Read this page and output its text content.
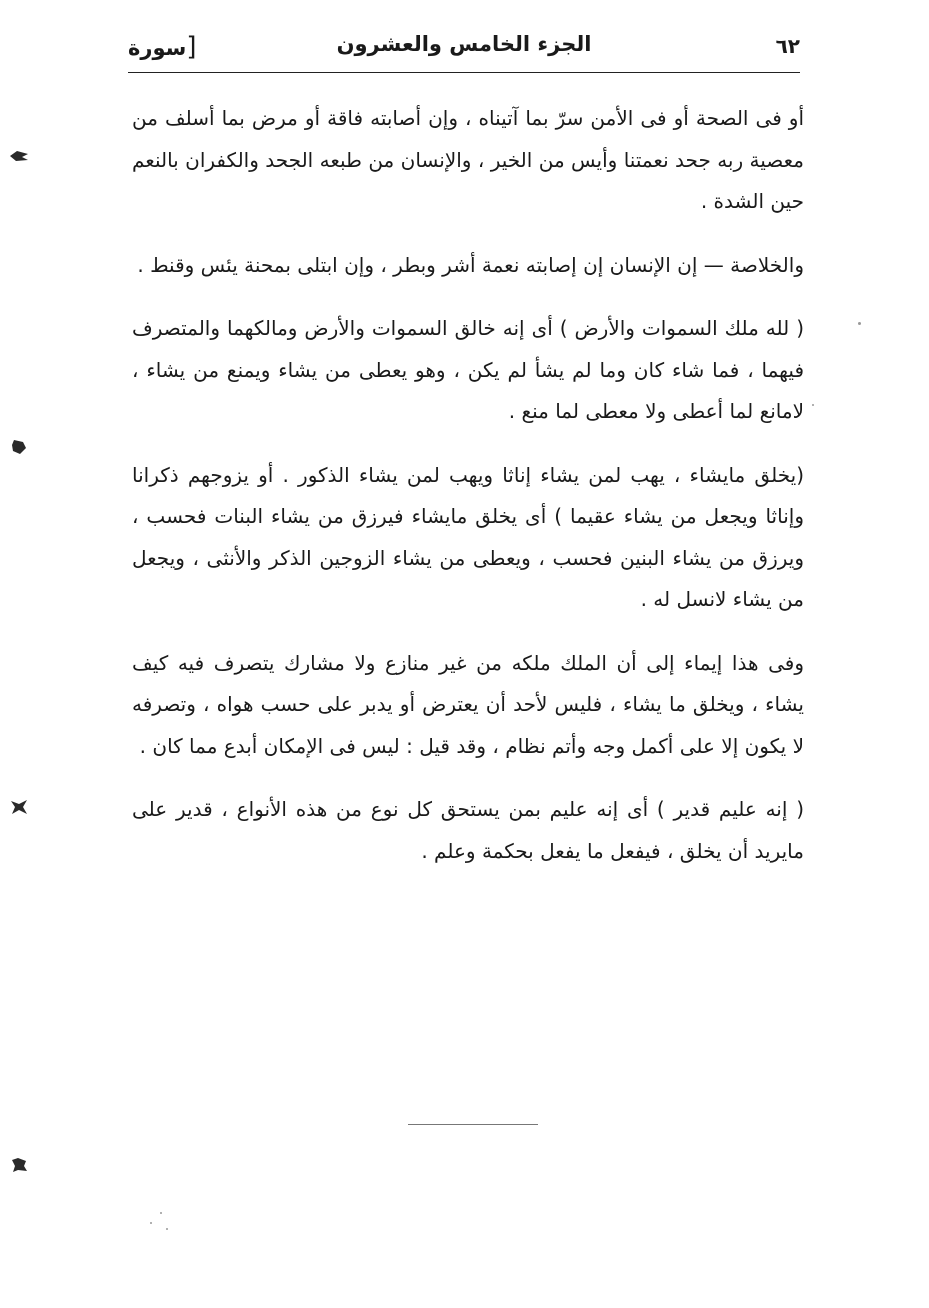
٦٢
الجزء الخامس والعشرون
[سورة

أو فى الصحة أو فى الأمن سرّ بما آتيناه ، وإن أصابته فاقة أو مرض بما أسلف من معصية ربه جحد نعمتنا وأيس من الخير ، والإنسان من طبعه الجحد والكفران بالنعم حين الشدة .

والخلاصة — إن الإنسان إن إصابته نعمة أشر وبطر ، وإن ابتلى بمحنة يئس وقنط .

( لله ملك السموات والأرض ) أى إنه خالق السموات والأرض ومالكهما والمتصرف فيهما ، فما شاء كان وما لم يشأ لم يكن ، وهو يعطى من يشاء ويمنع من يشاء ، لامانع لما أعطى ولا معطى لما منع .

(يخلق مايشاء ، يهب لمن يشاء إناثا ويهب لمن يشاء الذكور . أو يزوجهم ذكرانا وإناثا ويجعل من يشاء عقيما ) أى يخلق مايشاء فيرزق من يشاء البنات فحسب ، ويرزق من يشاء البنين فحسب ، ويعطى من يشاء الزوجين الذكر والأنثى ، ويجعل من يشاء لانسل له .

وفى هذا إيماء إلى أن الملك ملكه من غير منازع ولا مشارك يتصرف فيه كيف يشاء ، ويخلق ما يشاء ، فليس لأحد أن يعترض أو يدبر على حسب هواه ، وتصرفه لا يكون إلا على أكمل وجه وأتم نظام ، وقد قيل : ليس فى الإمكان أبدع مما كان .

( إنه عليم قدير ) أى إنه عليم بمن يستحق كل نوع من هذه الأنواع ، قدير على مايريد أن يخلق ، فيفعل ما يفعل بحكمة وعلم .
